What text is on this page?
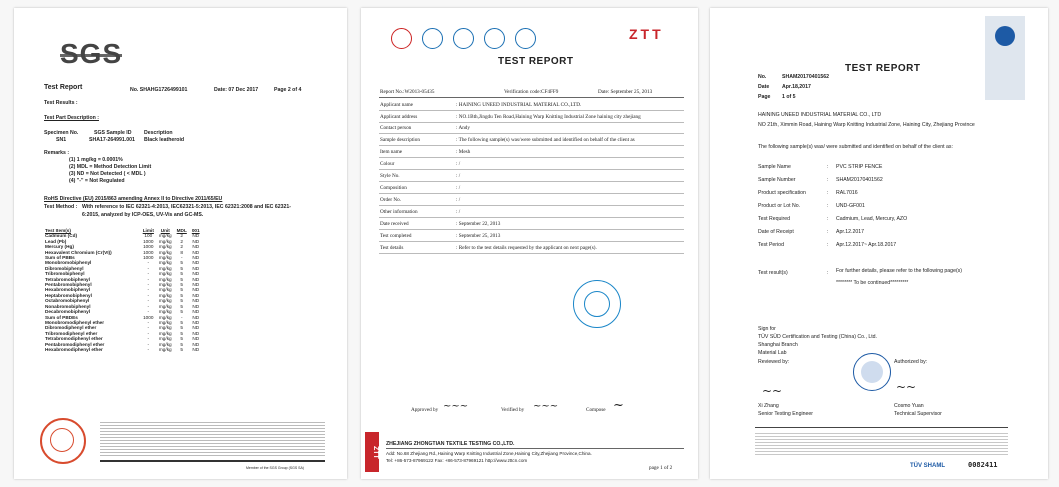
SGS
Test Report	No. SHAHG1726499101	Date: 07 Dec 2017	Page 2 of 4
Test Results :
Test Part Description :
Specimen No.	SGS Sample ID Description
SN1	SHA17-264991.001 Black leatheroid
Remarks :
(1) 1 mg/kg = 0.0001%
(2) MDL = Method Detection Limit
(3) ND = Not Detected ( < MDL )
(4) "-" = Not Regulated
RoHS Directive (EU) 2015/863 amending Annex II to Directive 2011/65/EU
Test Method : With reference to IEC 62321-4:2013, IEC62321-5:2013, IEC 62321:2008 and IEC 62321-
6:2015, analyzed by ICP-OES, UV-Vis and GC-MS.
Test Item(s)	Limit	Unit	MDL	001
Cadmium (Cd)	100	mg/kg	2	ND
Lead (Pb)	1000	mg/kg	2	ND
Mercury (Hg)	1000	mg/kg	2	ND
Hexavalent Chromium (Cr(VI))	1000	mg/kg	8	ND
Sum of PBBs	1000	mg/kg	-	ND
Monobromobiphenyl	-	mg/kg	5	ND
Dibromobiphenyl	-	mg/kg	5	ND
Tribromobiphenyl	-	mg/kg	5	ND
Tetrabromobiphenyl	-	mg/kg	5	ND
Pentabromobiphenyl	-	mg/kg	5	ND
Hexabromobiphenyl	-	mg/kg	5	ND
Heptabromobiphenyl	-	mg/kg	5	ND
Octabromobiphenyl	-	mg/kg	5	ND
Nonabromobiphenyl	-	mg/kg	5	ND
Decabromobiphenyl	-	mg/kg	5	ND
Sum of PBDEs	1000	mg/kg	-	ND
Monobromodiphenyl ether	-	mg/kg	5	ND
Dibromodiphenyl ether	-	mg/kg	5	ND
Tribromodiphenyl ether	-	mg/kg	5	ND
Tetrabromodiphenyl ether	-	mg/kg	5	ND
Pentabromodiphenyl ether	-	mg/kg	5	ND
Hexabromodiphenyl ether	-	mg/kg	5	ND
Member of the SGS Group (SGS SA)
ZTT
TEST REPORT
Report No.:W2013-05435	Verification code:CF4FF9	Date: September 25, 2013
Applicant name	: HAINING UNEED INDUSTRIAL MATERIAL CO.,LTD.
Applicant address	: NO.1Bth,Jingdu Ten Road,Haining Warp Knitting Industrial Zone haining city zhejiang
Contact person	: Andy
Sample description	: The following sample(s) was/were submitted and identified on behalf of the client as
Item name	: Mesh
Colour	: /
Style No.	: /
Composition	: /
Order No.	: /
Other information	: /
Date received	: September 22, 2013
Test completed	: September 25, 2013
Test details	: Refer to the test details requested by the applicant on next page(s).
Approved by ~~~	Verified by ~~~	Compose ~
ZTT
ZHEJIANG ZHONGTIAN TEXTILE TESTING CO.,LTD.
Add: No.68 Zhejiang Rd.,Haining Warp Knitting Industrial Zone,Haining City,Zhejiang Province,China.
Tel: +86-573-87969122 Fax: +86-573-87969121 http://www.zttcn.com
page 1 of 2
No.	SHAM20170401562
TEST REPORT
Date Apr.18,2017
Page 1 of 5
HAINING UNEED INDUSTRIAL MATERIAL CO., LTD
NO 21th, Ximmin Road, Haining Warp Knitting Industrial Zone, Haining City, Zhejiang Province
The following sample(s) was/ were submitted and identified on behalf of the client as:
Sample Name	: PVC STRIP FENCE
Sample Number	: SHAM20170401562
Product specification	: RAL7016
Product or Lot No.	: UND-GF001
Test Required	: Cadmium, Lead, Mercury, AZO
Date of Receipt	: Apr.12.2017
Test Period	: Apr.12.2017~ Apr.18.2017
Test result(s)	: For further details, please refer to the following page(s)
******** To be continued*********
Sign for
TÜV SÜD Certification and Testing (China) Co., Ltd.
Shanghai Branch
Material Lab
Reviewed by:	Authorized by:
~~	~~
Xi Zhang
Senior Testing Engineer
Cosmo Yuan
Technical Supervisor
TÜV SHAML	0082411
